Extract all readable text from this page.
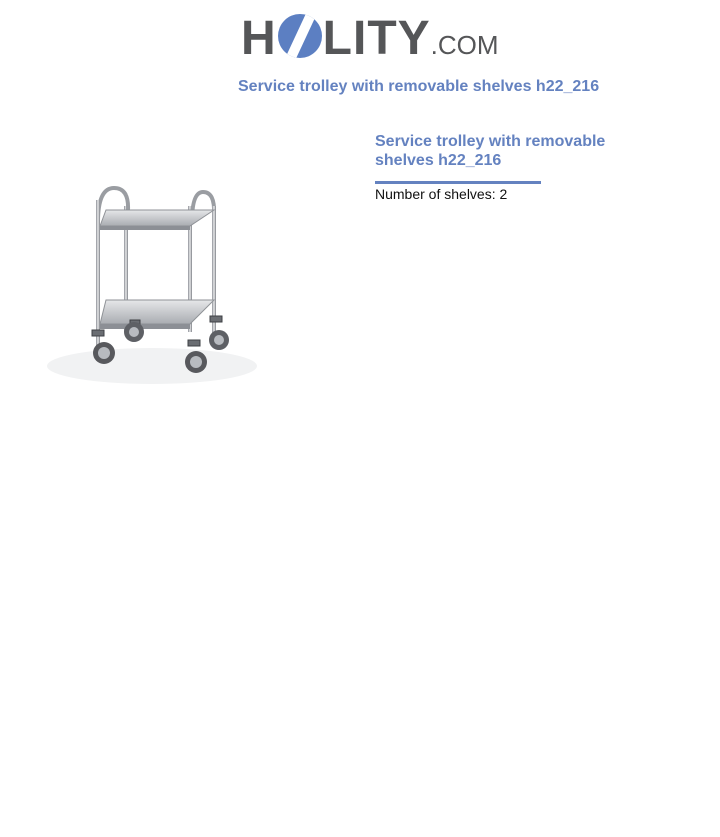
H LITY.COM
Service trolley with removable shelves h22_216
Service trolley with removable shelves h22_216
Number of shelves: 2
